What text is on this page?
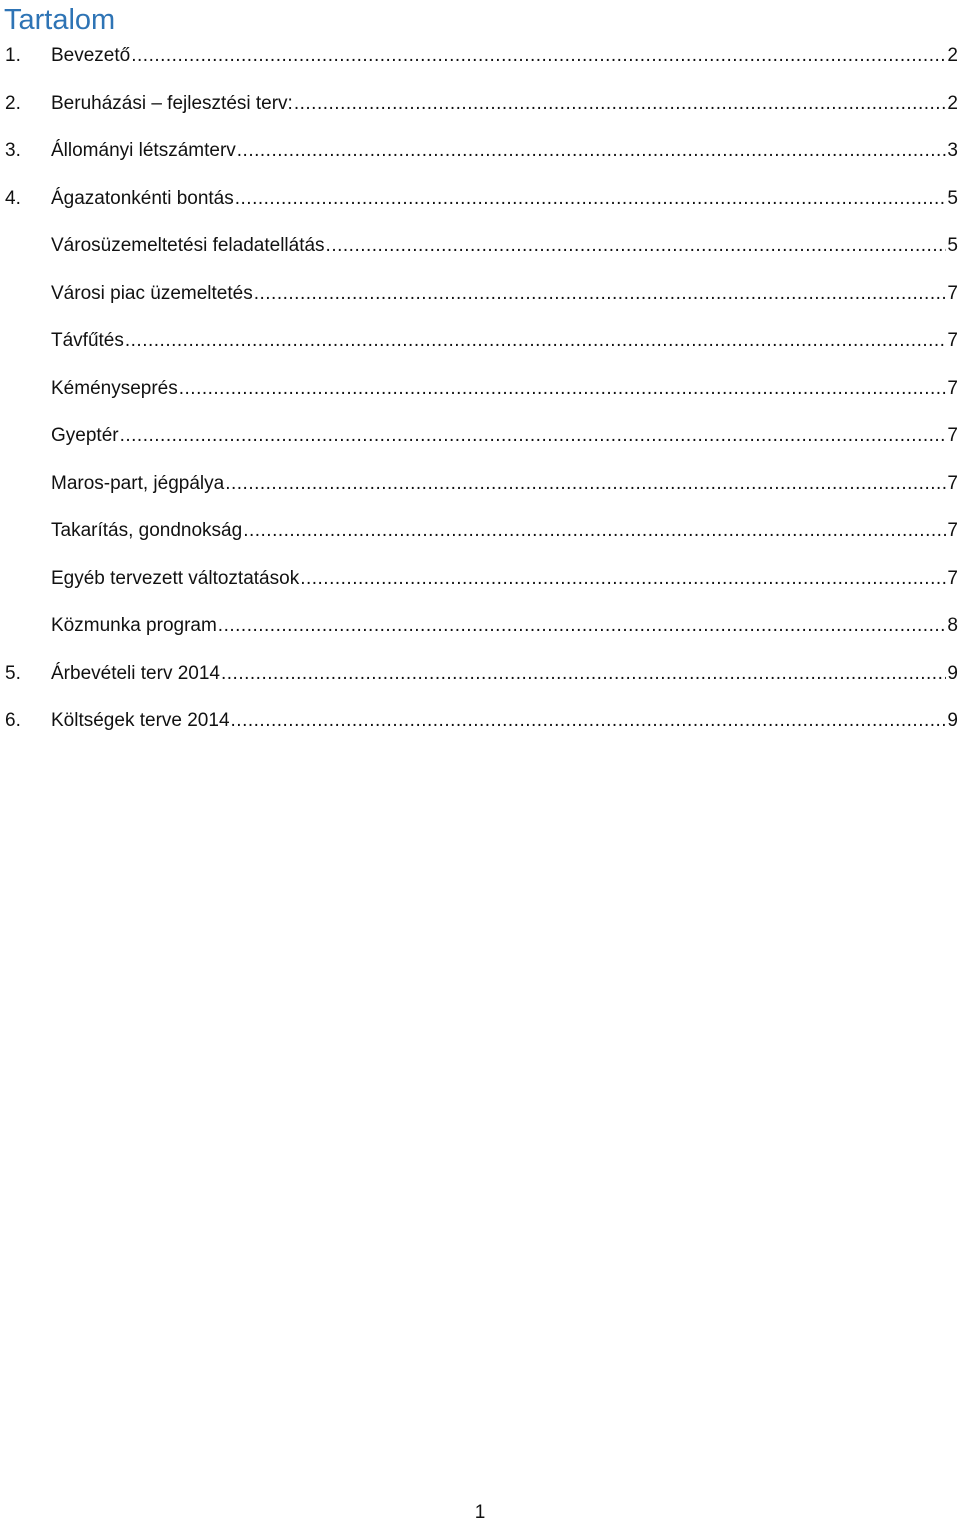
Tartalom
1.	Bevezető .....	2
2.	Beruházási – fejlesztési terv: .....	2
3.	Állományi létszámterv .....	3
4.	Ágazatonkénti bontás .....	5
Városüzemeltetési feladatellátás .....	5
Városi piac üzemeltetés .....	7
Távfűtés .....	7
Kéményseprés .....	7
Gyeptér .....	7
Maros-part, jégpálya .....	7
Takarítás, gondnokság .....	7
Egyéb tervezett változtatások .....	7
Közmunka program .....	8
5.	Árbevételi terv 2014 .....	9
6.	Költségek terve 2014 .....	9
1
